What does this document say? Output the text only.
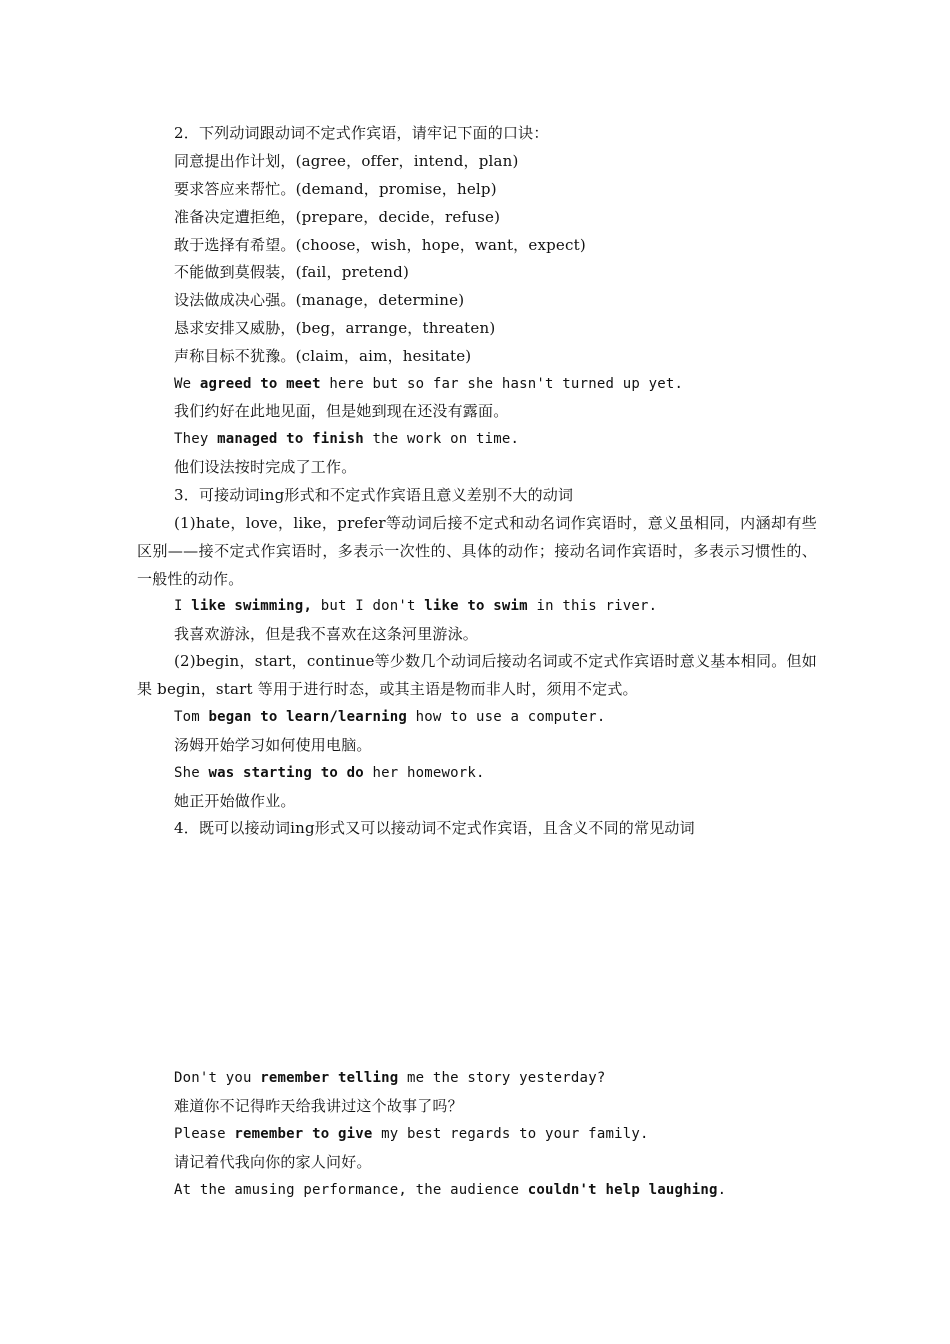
2．下列动词跟动词不定式作宾语，请牢记下面的口诀：
同意提出作计划，(agree，offer，intend，plan)
要求答应来帮忙。(demand，promise，help)
准备决定遭拒绝，(prepare，decide，refuse)
敢于选择有希望。(choose，wish，hope，want，expect)
不能做到莫假装，(fail，pretend)
设法做成决心强。(manage，determine)
恳求安排又威胁，(beg，arrange，threaten)
声称目标不犹豫。(claim，aim，hesitate)
We agreed to meet here but so far she hasn't turned up yet.
我们约好在此地见面，但是她到现在还没有露面。
They managed to finish the work on time.
他们设法按时完成了工作。
3．可接动词ing形式和不定式作宾语且意义差别不大的动词
(1)hate，love，like，prefer等动词后接不定式和动名词作宾语时，意义虽相同，内涵却有些区别——接不定式作宾语时，多表示一次性的、具体的动作；接动名词作宾语时，多表示习惯性的、一般性的动作。
I like swimming, but I don't like to swim in this river.
我喜欢游泳，但是我不喜欢在这条河里游泳。
(2)begin，start，continue等少数几个动词后接动名词或不定式作宾语时意义基本相同。但如果 begin，start 等用于进行时态，或其主语是物而非人时，须用不定式。
Tom began to learn/learning how to use a computer.
汤姆开始学习如何使用电脑。
She was starting to do her homework.
她正开始做作业。
4．既可以接动词ing形式又可以接动词不定式作宾语，且含义不同的常见动词
Don't you remember telling me the story yesterday?
难道你不记得昨天给我讲过这个故事了吗？
Please remember to give my best regards to your family.
请记着代我向你的家人问好。
At the amusing performance, the audience couldn't help laughing.
